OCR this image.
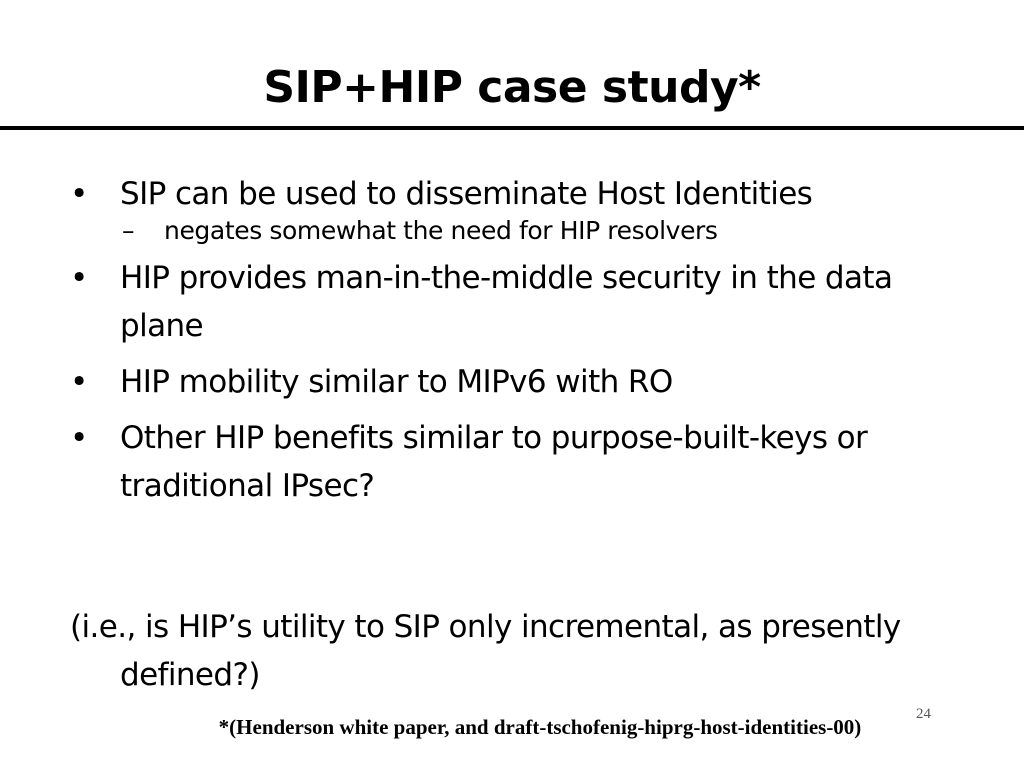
SIP+HIP case study*
• SIP can be used to disseminate Host Identities
– negates somewhat the need for HIP resolvers
• HIP provides man-in-the-middle security in the data plane
• HIP mobility similar to MIPv6 with RO
• Other HIP benefits similar to purpose-built-keys or traditional IPsec?
(i.e., is HIP’s utility to SIP only incremental, as presently defined?)
*(Henderson white paper, and draft-tschofenig-hiprg-host-identities-00)
24
